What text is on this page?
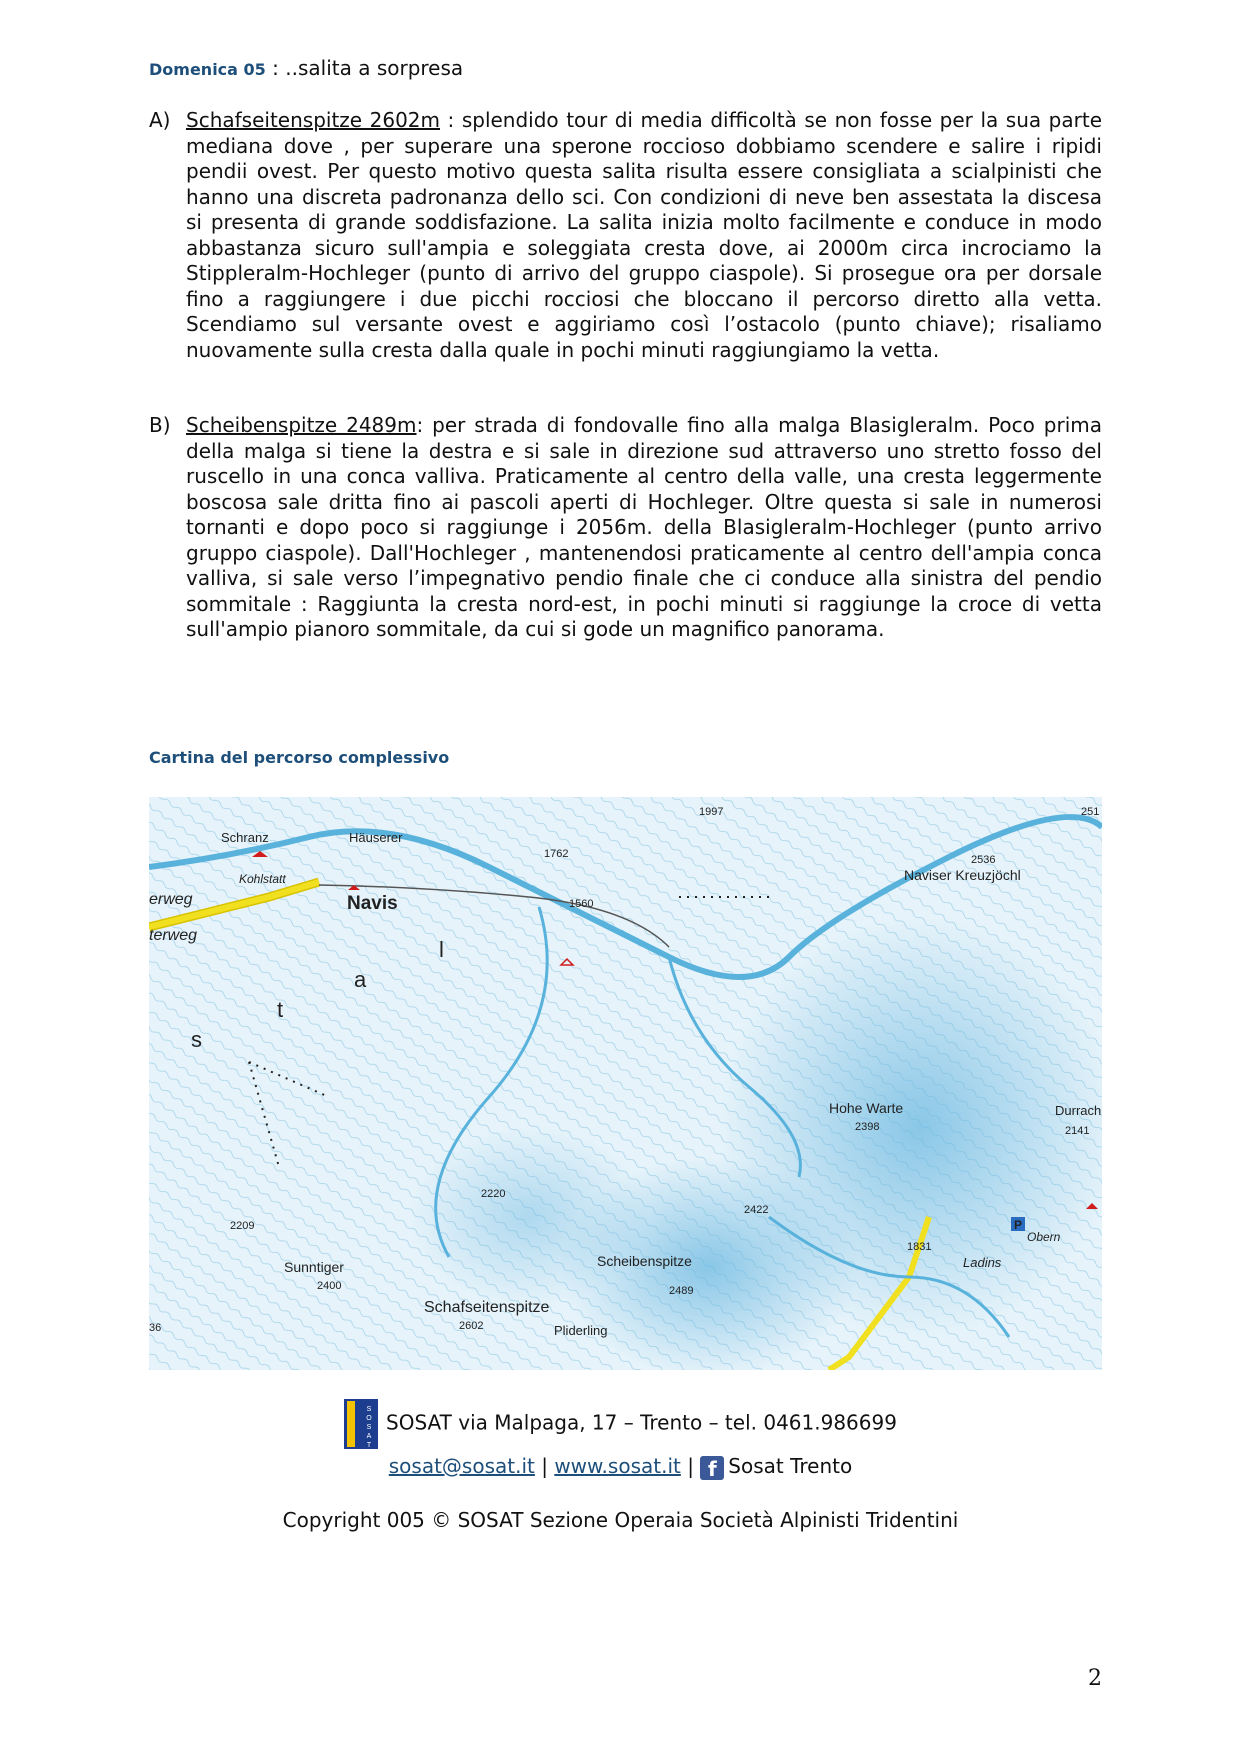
Domenica 05 : ..salita a sorpresa
A) Schafseitenspitze 2602m : splendido tour di media difficoltà se non fosse per la sua parte mediana dove , per superare una sperone roccioso dobbiamo scendere e salire i ripidi pendii ovest. Per questo motivo questa salita risulta essere consigliata a scialpinisti che hanno una discreta padronanza dello sci. Con condizioni di neve ben assestata la discesa si presenta di grande soddisfazione. La salita inizia molto facilmente e conduce in modo abbastanza sicuro sull'ampia e soleggiata cresta dove, ai 2000m circa incrociamo la Stippleralm-Hochleger (punto di arrivo del gruppo ciaspole). Si prosegue ora per dorsale fino a raggiungere i due picchi rocciosi che bloccano il percorso diretto alla vetta. Scendiamo sul versante ovest e aggiriamo così l’ostacolo (punto chiave); risaliamo nuovamente sulla cresta dalla quale in pochi minuti raggiungiamo la vetta.
B) Scheibenspitze 2489m: per strada di fondovalle fino alla malga Blasigleralm. Poco prima della malga si tiene la destra e si sale in direzione sud attraverso uno stretto fosso del ruscello in una conca valliva. Praticamente al centro della valle, una cresta leggermente boscosa sale dritta fino ai pascoli aperti di Hochleger. Oltre questa si sale in numerosi tornanti e dopo poco si raggiunge i 2056m. della Blasigleralm-Hochleger (punto arrivo gruppo ciaspole). Dall'Hochleger , mantenendosi praticamente al centro dell'ampia conca valliva, si sale verso l’impegnativo pendio finale che ci conduce alla sinistra del pendio sommitale : Raggiunta la cresta nord-est, in pochi minuti si raggiunge la croce di vetta sull'ampio pianoro sommitale, da cui si gode un magnifico panorama.
Cartina del percorso complessivo
P
Schranz	Häuserer
Kohlstatt
Navis
erweg
terweg
t
a
l
s
1997
1762
1560
2536
251
Naviser Kreuzjöchl
Hohe Warte
2398
Durrach
2141
2220
2422
2209
Obern
1831
Ladins
Sunntiger
2400
Scheibenspitze
2489
Schafseitenspitze
2602	Pliderling
36
S
O
S
A
T
SOSAT via Malpaga, 17 – Trento – tel. 0461.986699
sosat@sosat.it | www.sosat.it | f Sosat Trento
Copyright 005 © SOSAT Sezione Operaia Società Alpinisti Tridentini
2
